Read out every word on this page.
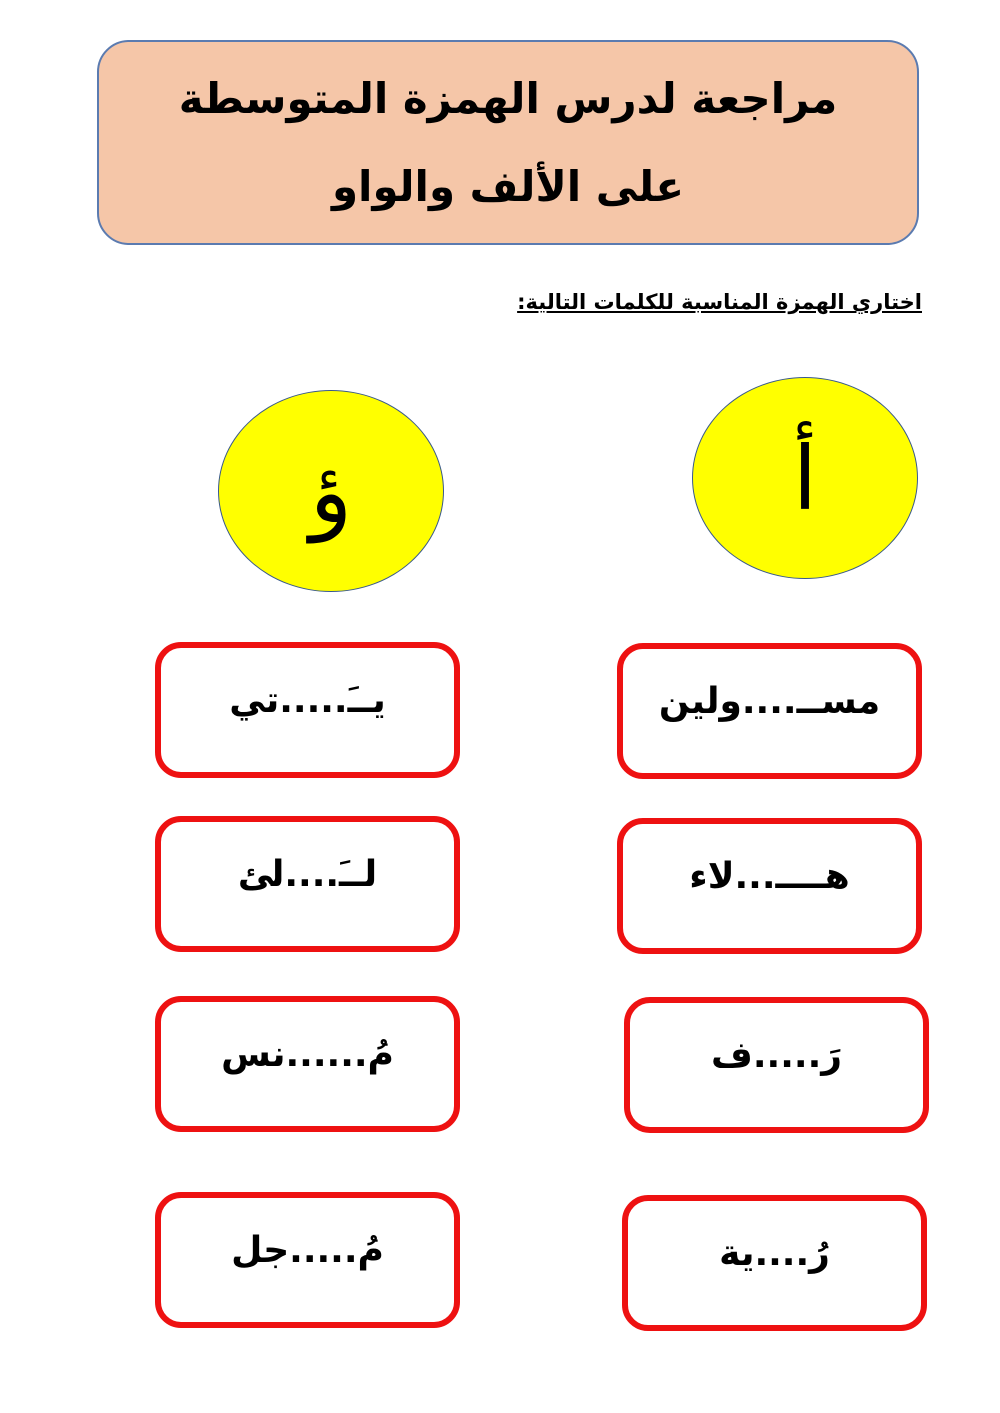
مراجعة لدرس الهمزة المتوسطة
على الألف والواو
اختاري الهمزة المناسبة للكلمات التالية:
أ
ؤ
مســ....ولين
هــــ...لاء
رَ.....ف
رُ....ية
يــَ.....تي
لــَ....لئ
مُ......نس
مُ.....جل
